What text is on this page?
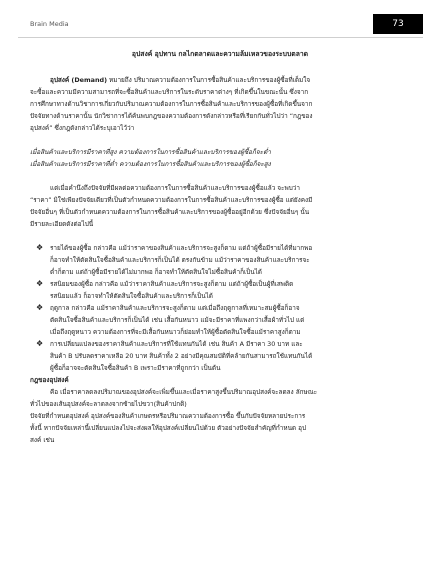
Brain Media	73

อุปสงค์ อุปทาน กลไกตลาดและความล้มเหลวของระบบตลาด

อุปสงค์ (Demand) หมายถึง ปริมาณความต้องการในการซื้อสินค้าและบริการของผู้ซื้อที่เต็มใจ

จะซื้อและความมีความสามารถที่จะซื้อสินค้าและบริการในระดับราคาต่างๆ ที่เกิดขึ้นในขณะนั้น ซึ่งจาก

การศึกษาทางด้านวิชาการเกี่ยวกับปริมาณความต้องการในการซื้อสินค้าและบริการของผู้ซื้อที่เกิดขึ้นจาก

ปัจจัยทางด้านราคานั้น นักวิชาการได้ค้นพบกฎของความต้องการดังกล่าวหรือที่เรียกกันทั่วไปว่า “กฎของ

อุปสงค์” ซึ่งกฎดังกล่าวได้ระบุเอาไว้ว่า

เมื่อสินค้าและบริการมีราคาที่สูง ความต้องการในการซื้อสินค้าและบริการของผู้ซื้อก็จะต่ำ

เมื่อสินค้าและบริการมีราคาที่ต่ำ ความต้องการในการซื้อสินค้าและบริการของผู้ซื้อก็จะสูง

แต่เมื่อคำนึงถึงปัจจัยที่มีผลต่อความต้องการในการซื้อสินค้าและบริการของผู้ซื้อแล้ว จะพบว่า

“ราคา” มิใช่เพียงปัจจัยเดียวที่เป็นตัวกำหนดความต้องการในการซื้อสินค้าและบริการของผู้ซื้อ แต่ยังคงมี

ปัจจัยอื่นๆ ที่เป็นตัวกำหนดความต้องการในการซื้อสินค้าและบริการของผู้ซื้ออยู่อีกด้วย ซึ่งปัจจัยอื่นๆ นั้น

มีรายละเอียดดังต่อไปนี้

❖ รายได้ของผู้ซื้อ กล่าวคือ แม้ว่าราคาของสินค้าและบริการจะสูงก็ตาม แต่ถ้าผู้ซื้อมีรายได้ที่มากพอ
ก็อาจทำให้ตัดสินใจซื้อสินค้าและบริการก็เป็นได้ ตรงกันข้าม แม้ว่าราคาของสินค้าและบริการจะ
ต่ำก็ตาม แต่ถ้าผู้ซื้อมีรายได้ไม่มากพอ ก็อาจทำให้ตัดสินใจไม่ซื้อสินค้าก็เป็นได้
❖ รสนิยมของผู้ซื้อ กล่าวคือ แม้ว่าราคาสินค้าและบริการจะสูงก็ตาม แต่ถ้าผู้ซื้อเป็นผู้ที่เสพติด
รสนิยมแล้ว ก็อาจทำให้ตัดสินใจซื้อสินค้าและบริการก็เป็นได้
❖ ฤดูกาล กล่าวคือ แม้ราคาสินค้าและบริการจะสูงก็ตาม แต่เมื่อถึงฤดูกาลที่เหมาะสมผู้ซื้อก็อาจ
ตัดสินใจซื้อสินค้าและบริการก็เป็นได้ เช่น เสื้อกันหนาว แม้จะมีราคาที่แพงกว่าเสื้อผ้าทั่วไป แต่
เมื่อถึงฤดูหนาว ความต้องการที่จะมีเสื้อกันหนาวก็ย่อมทำให้ผู้ซื้อตัดสินใจซื้อแม้ราคาสูงก็ตาม
❖ การเปลี่ยนแปลงของราคาสินค้าและบริการที่ใช้แทนกันได้ เช่น สินค้า A มีราคา 30 บาท และ
สินค้า B ปรับลดราคาเหลือ 20 บาท สินค้าทั้ง 2 อย่างมีคุณสมบัติที่คล้ายกันสามารถใช้แทนกันได้
ผู้ซื้อก็อาจจะตัดสินใจซื้อสินค้า B เพราะมีราคาที่ถูกกว่า เป็นต้น

กฎของอุปสงค์

คือ เมื่อราคาลดลงปริมาณของอุปสงค์จะเพิ่มขึ้นและเมื่อราคาสูงขึ้นปริมาณอุปสงค์จะลดลง ลักษณะ

ทั่วไปของเส้นอุปสงค์จะลาดลงจากซ้ายไปขวา(สินค้าปกติ)

ปัจจัยที่กำหนดอุปสงค์ อุปสงค์ของสินค้าเกษตรหรือปริมาณความต้องการซื้อ ขึ้นกับปัจจัยหลายประการ

ทั้งนี้ หากปัจจัยเหล่านี้เปลี่ยนแปลงไปจะส่งผลให้อุปสงค์เปลี่ยนไปด้วย ตัวอย่างปัจจัยสำคัญที่กำหนด อุป

สงค์ เช่น
